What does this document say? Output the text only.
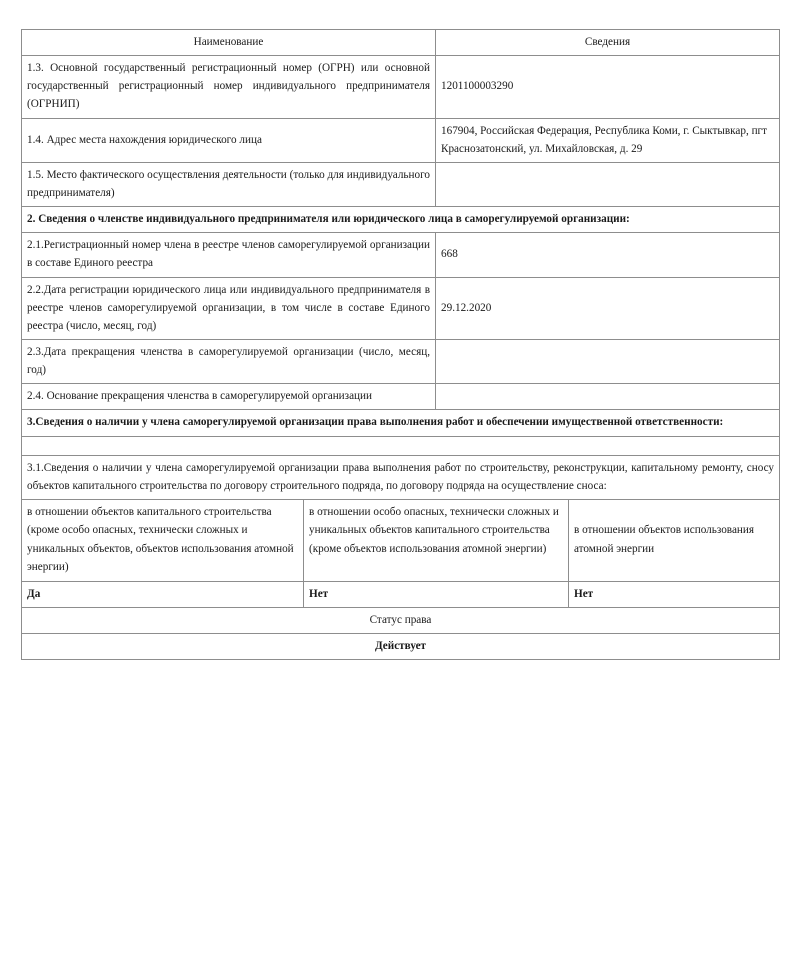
Наименование	Сведения
1.3. Основной государственный регистрационный номер (ОГРН) или основной государственный регистрационный номер индивидуального предпринимателя (ОГРНИП)	1201100003290
1.4. Адрес места нахождения юридического лица	167904, Российская Федерация, Республика Коми, г. Сыктывкар, пгт Краснозатонский, ул. Михайловская, д. 29
1.5. Место фактического осуществления деятельности (только для индивидуального предпринимателя)	
2. Сведения о членстве индивидуального предпринимателя или юридического лица в саморегулируемой организации:	
2.1.Регистрационный номер члена в реестре членов саморегулируемой организации в составе Единого реестра	668
2.2.Дата регистрации юридического лица или индивидуального предпринимателя в реестре членов саморегулируемой организации, в том числе в составе Единого реестра (число, месяц, год)	29.12.2020
2.3.Дата прекращения членства в саморегулируемой организации (число, месяц, год)	
2.4. Основание прекращения членства в саморегулируемой организации	
3.Сведения о наличии у члена саморегулируемой организации права выполнения работ и обеспечении имущественной ответственности:	

3.1.Сведения о наличии у члена саморегулируемой организации права выполнения работ по строительству, реконструкции, капитальному ремонту, сносу объектов капитального строительства по договору строительного подряда, по договору подряда на осуществление сноса:	
в отношении объектов капитального строительства (кроме особо опасных, технически сложных и уникальных объектов, объектов использования атомной энергии)	в отношении особо опасных, технически сложных и уникальных объектов капитального строительства (кроме объектов использования атомной энергии)	в отношении объектов использования атомной энергии
Да	Нет	Нет
Статус права		
Действует		
